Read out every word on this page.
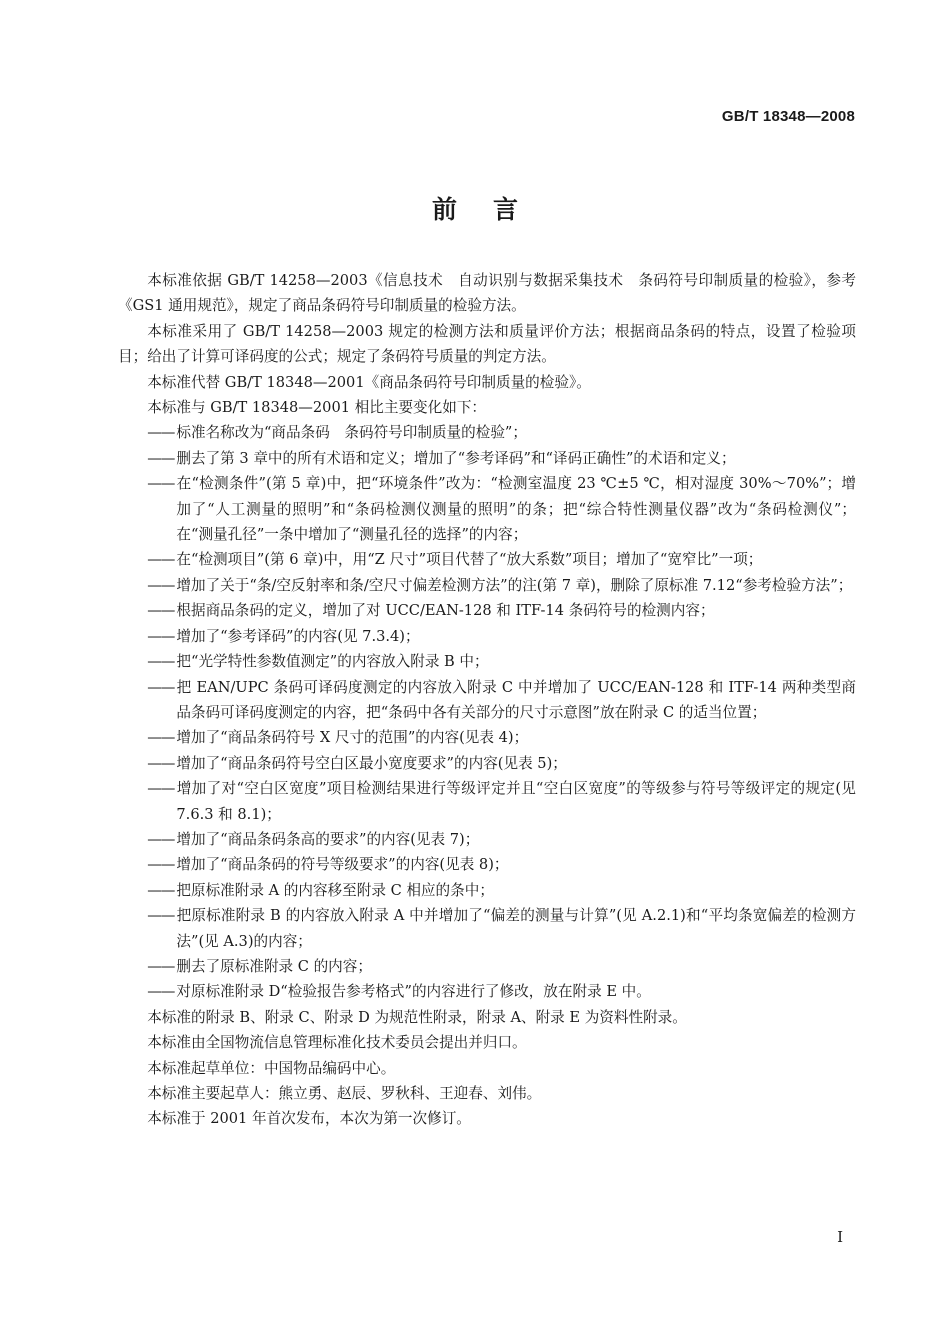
GB/T 18348—2008
前言

本标准依据 GB/T 14258—2003《信息技术　自动识别与数据采集技术　条码符号印制质量的检验》，参考《GS1 通用规范》，规定了商品条码符号印制质量的检验方法。

本标准采用了 GB/T 14258—2003 规定的检测方法和质量评价方法；根据商品条码的特点，设置了检验项目；给出了计算可译码度的公式；规定了条码符号质量的判定方法。

本标准代替 GB/T 18348—2001《商品条码符号印制质量的检验》。

本标准与 GB/T 18348—2001 相比主要变化如下：

—— 标准名称改为“商品条码　条码符号印制质量的检验”；

—— 删去了第 3 章中的所有术语和定义；增加了“参考译码”和“译码正确性”的术语和定义；

—— 在“检测条件”(第 5 章)中，把“环境条件”改为：“检测室温度 23 ℃±5 ℃，相对湿度 30%～70%”；增加了“人工测量的照明”和“条码检测仪测量的照明”的条；把“综合特性测量仪器”改为“条码检测仪”；在“测量孔径”一条中增加了“测量孔径的选择”的内容；

—— 在“检测项目”(第 6 章)中，用“Z 尺寸”项目代替了“放大系数”项目；增加了“宽窄比”一项；

—— 增加了关于“条/空反射率和条/空尺寸偏差检测方法”的注(第 7 章)，删除了原标准 7.12“参考检验方法”；

—— 根据商品条码的定义，增加了对 UCC/EAN-128 和 ITF-14 条码符号的检测内容；

—— 增加了“参考译码”的内容(见 7.3.4)；

—— 把“光学特性参数值测定”的内容放入附录 B 中；

—— 把 EAN/UPC 条码可译码度测定的内容放入附录 C 中并增加了 UCC/EAN-128 和 ITF-14 两种类型商品条码可译码度测定的内容，把“条码中各有关部分的尺寸示意图”放在附录 C 的适当位置；

—— 增加了“商品条码符号 X 尺寸的范围”的内容(见表 4)；

—— 增加了“商品条码符号空白区最小宽度要求”的内容(见表 5)；

—— 增加了对“空白区宽度”项目检测结果进行等级评定并且“空白区宽度”的等级参与符号等级评定的规定(见 7.6.3 和 8.1)；

—— 增加了“商品条码条高的要求”的内容(见表 7)；

—— 增加了“商品条码的符号等级要求”的内容(见表 8)；

—— 把原标准附录 A 的内容移至附录 C 相应的条中；

—— 把原标准附录 B 的内容放入附录 A 中并增加了“偏差的测量与计算”(见 A.2.1)和“平均条宽偏差的检测方法”(见 A.3)的内容；

—— 删去了原标准附录 C 的内容；

—— 对原标准附录 D“检验报告参考格式”的内容进行了修改，放在附录 E 中。

本标准的附录 B、附录 C、附录 D 为规范性附录，附录 A、附录 E 为资料性附录。

本标准由全国物流信息管理标准化技术委员会提出并归口。

本标准起草单位：中国物品编码中心。

本标准主要起草人：熊立勇、赵辰、罗秋科、王迎春、刘伟。

本标准于 2001 年首次发布，本次为第一次修订。

I
